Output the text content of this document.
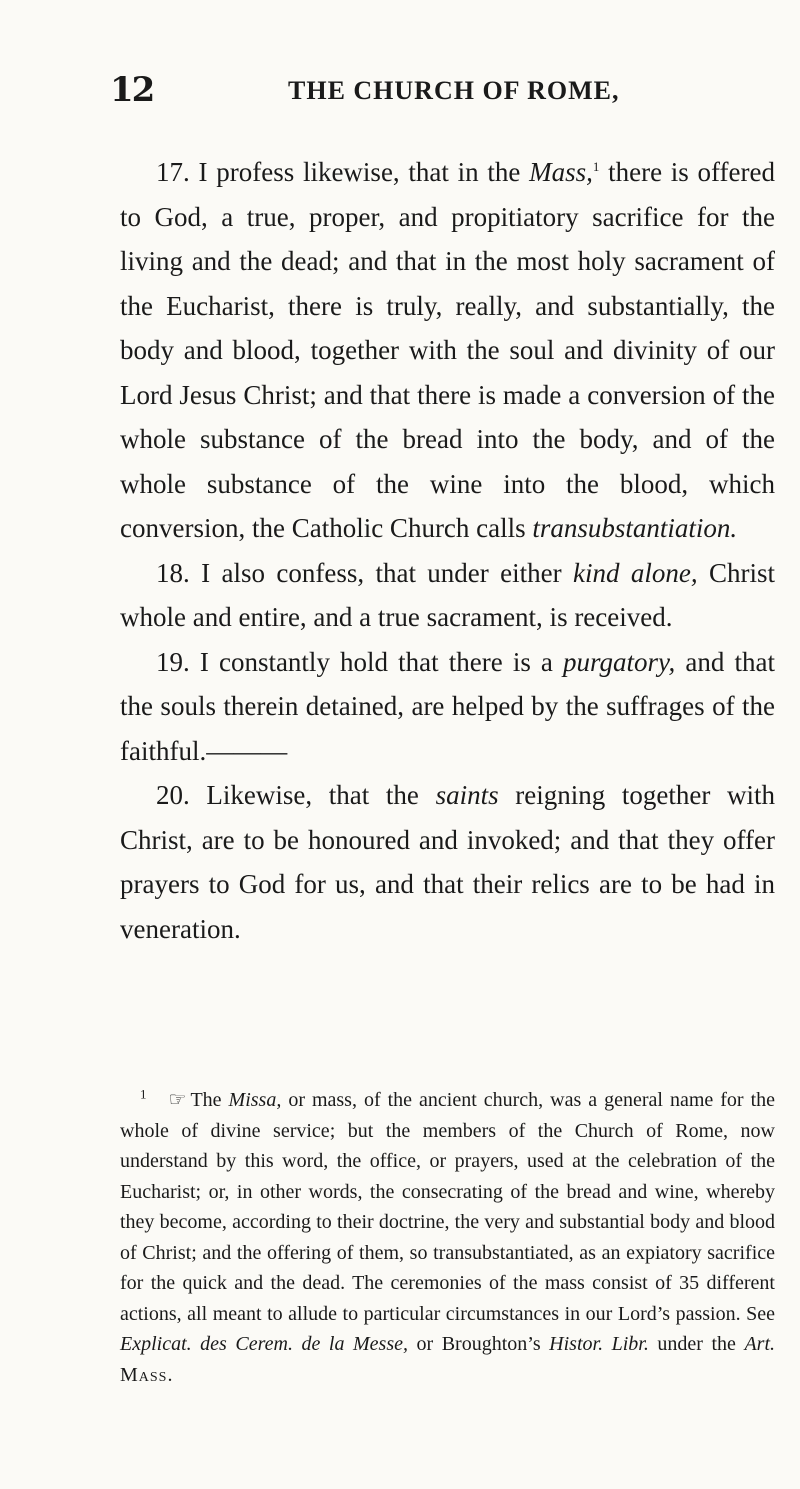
12	THE CHURCH OF ROME,

17. I profess likewise, that in the Mass,$^1$ there is offered to God, a true, proper, and propitiatory sacrifice for the living and the dead; and that in the most holy sacrament of the Eucharist, there is truly, really, and substantially, the body and blood, together with the soul and divinity of our Lord Jesus Christ; and that there is made a conversion of the whole substance of the bread into the body, and of the whole substance of the wine into the blood, which conversion, the Catholic Church calls transubstantiation.

18. I also confess, that under either kind alone, Christ whole and entire, and a true sacrament, is received.

19. I constantly hold that there is a purgatory, and that the souls therein detained, are helped by the suffrages of the faithful.———

20. Likewise, that the saints reigning together with Christ, are to be honoured and invoked; and that they offer prayers to God for us, and that their relics are to be had in veneration.

$^1$ ☞ The Missa, or mass, of the ancient church, was a general name for the whole of divine service; but the members of the Church of Rome, now understand by this word, the office, or prayers, used at the celebration of the Eucharist; or, in other words, the consecrating of the bread and wine, whereby they become, according to their doctrine, the very and substantial body and blood of Christ; and the offering of them, so transubstantiated, as an expiatory sacrifice for the quick and the dead. The ceremonies of the mass consist of 35 different actions, all meant to allude to particular circumstances in our Lord’s passion. See Explicat. des Cerem. de la Messe, or Broughton’s Histor. Libr. under the Art. Mass.
